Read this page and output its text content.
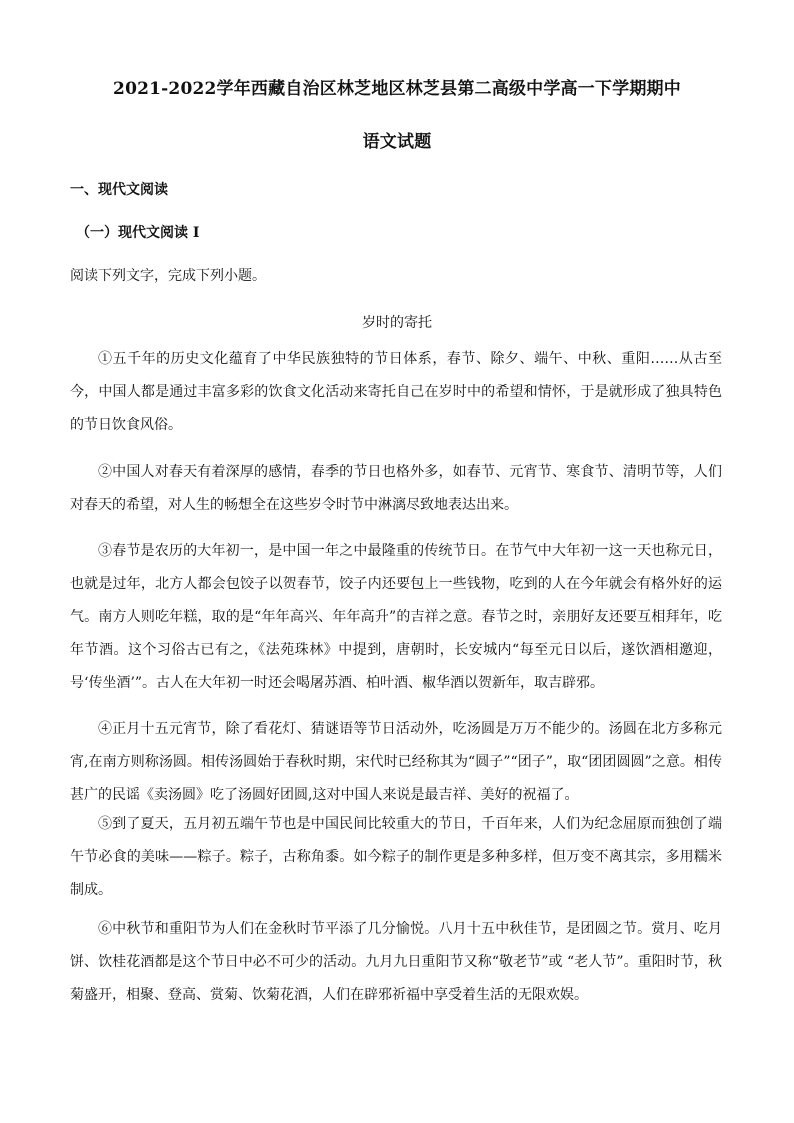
2021-2022学年西藏自治区林芝地区林芝县第二高级中学高一下学期期中
语文试题
一、现代文阅读
（一）现代文阅读 I
阅读下列文字，完成下列小题。
岁时的寄托

①五千年的历史文化蕴育了中华民族独特的节日体系，春节、除夕、端午、中秋、重阳……从古至今，中国人都是通过丰富多彩的饮食文化活动来寄托自己在岁时中的希望和情怀，于是就形成了独具特色的节日饮食风俗。

②中国人对春天有着深厚的感情，春季的节日也格外多，如春节、元宵节、寒食节、清明节等，人们对春天的希望，对人生的畅想全在这些岁令时节中淋漓尽致地表达出来。

③春节是农历的大年初一，是中国一年之中最隆重的传统节日。在节气中大年初一这一天也称元日，也就是过年，北方人都会包饺子以贺春节，饺子内还要包上一些钱物，吃到的人在今年就会有格外好的运气。南方人则吃年糕，取的是“年年高兴、年年高升”的吉祥之意。春节之时，亲朋好友还要互相拜年，吃年节酒。这个习俗古已有之，《法苑珠林》中提到，唐朝时，长安城内“每至元日以后，遂饮酒相邀迎，号‘传坐酒’”。古人在大年初一时还会喝屠苏酒、柏叶酒、椒华酒以贺新年，取吉辟邪。

④正月十五元宵节，除了看花灯、猜谜语等节日活动外，吃汤圆是万万不能少的。汤圆在北方多称元宵,在南方则称汤圆。相传汤圆始于春秋时期，宋代时已经称其为“圆子”“团子”，取“团团圆圆”之意。相传甚广的民谣《卖汤圆》吃了汤圆好团圆,这对中国人来说是最吉祥、美好的祝福了。

⑤到了夏天，五月初五端午节也是中国民间比较重大的节日，千百年来，人们为纪念屈原而独创了端午节必食的美味——粽子。粽子，古称角黍。如今粽子的制作更是多种多样，但万变不离其宗，多用糯米制成。

⑥中秋节和重阳节为人们在金秋时节平添了几分愉悦。八月十五中秋佳节，是团圆之节。赏月、吃月饼、饮桂花酒都是这个节日中必不可少的活动。九月九日重阳节又称“敬老节”或 “老人节”。重阳时节，秋菊盛开，相聚、登高、赏菊、饮菊花酒，人们在辟邪祈福中享受着生活的无限欢娱。
